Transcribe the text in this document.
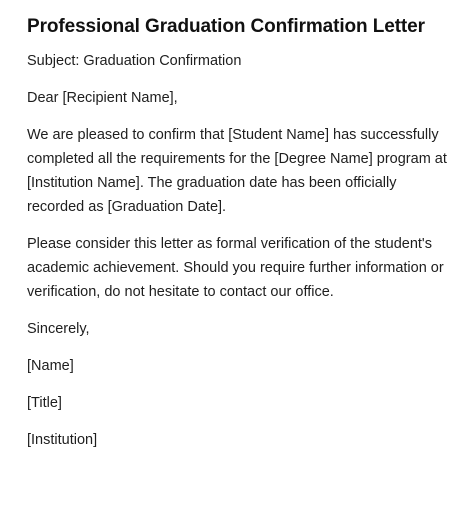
Professional Graduation Confirmation Letter

Subject: Graduation Confirmation

Dear [Recipient Name],

We are pleased to confirm that [Student Name] has successfully completed all the requirements for the [Degree Name] program at [Institution Name]. The graduation date has been officially recorded as [Graduation Date].

Please consider this letter as formal verification of the student's academic achievement. Should you require further information or verification, do not hesitate to contact our office.

Sincerely,

[Name]

[Title]

[Institution]
